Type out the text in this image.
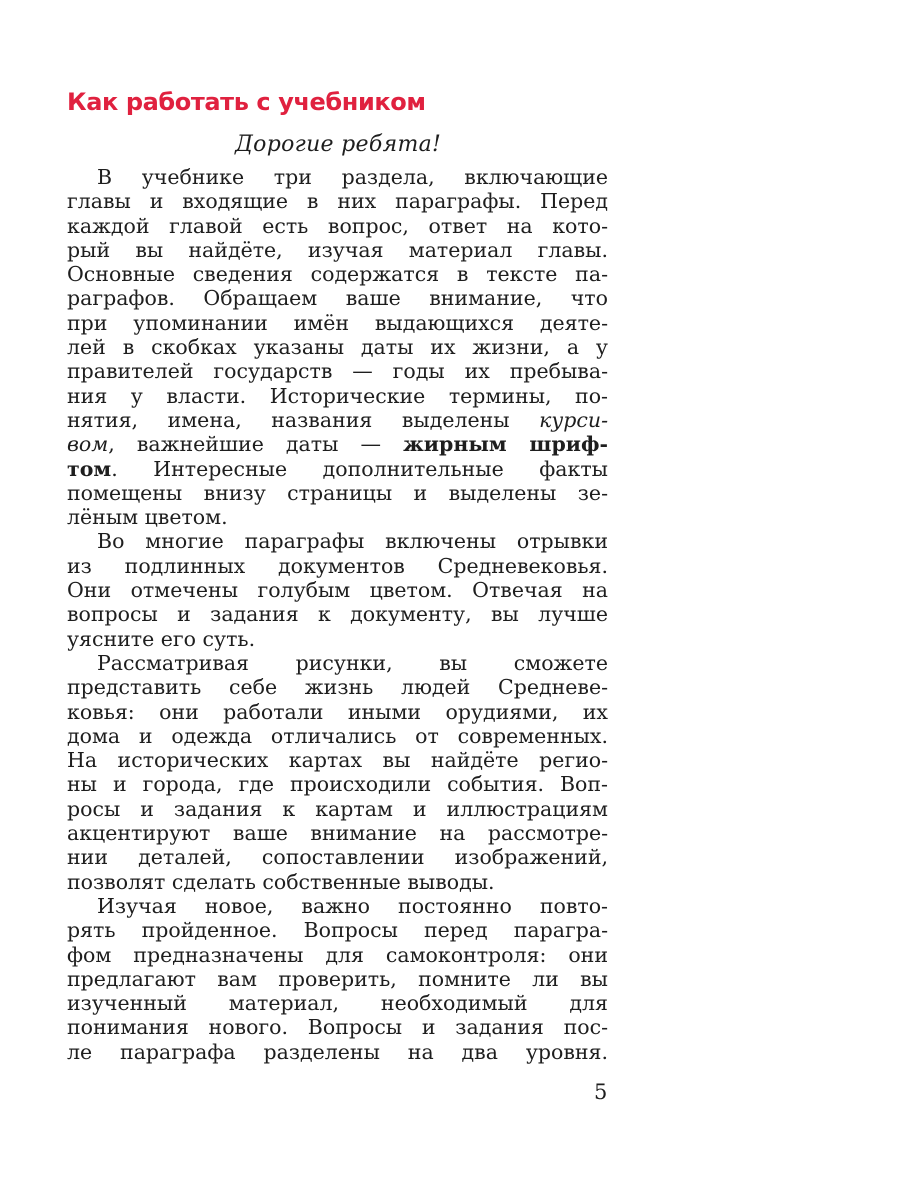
Как работать с учебником

Дорогие ребята!

В учебнике три раздела, включающие
главы и входящие в них параграфы. Перед
каждой главой есть вопрос, ответ на кото-
рый вы найдёте, изучая материал главы.
Основные сведения содержатся в тексте па-
раграфов. Обращаем ваше внимание, что
при упоминании имён выдающихся деяте-
лей в скобках указаны даты их жизни, а у
правителей государств — годы их пребыва-
ния у власти. Исторические термины, по-
нятия, имена, названия выделены курси-
вом, важнейшие даты — жирным шриф-
том. Интересные дополнительные факты
помещены внизу страницы и выделены зе-
лёным цветом.
Во многие параграфы включены отрывки
из подлинных документов Средневековья.
Они отмечены голубым цветом. Отвечая на
вопросы и задания к документу, вы лучше
уясните его суть.
Рассматривая рисунки, вы сможете
представить себе жизнь людей Средневе-
ковья: они работали иными орудиями, их
дома и одежда отличались от современных.
На исторических картах вы найдёте регио-
ны и города, где происходили события. Воп-
росы и задания к картам и иллюстрациям
акцентируют ваше внимание на рассмотре-
нии деталей, сопоставлении изображений,
позволят сделать собственные выводы.
Изучая новое, важно постоянно повто-
рять пройденное. Вопросы перед парагра-
фом предназначены для самоконтроля: они
предлагают вам проверить, помните ли вы
изученный материал, необходимый для
понимания нового. Вопросы и задания пос-
ле параграфа разделены на два уровня.

5
